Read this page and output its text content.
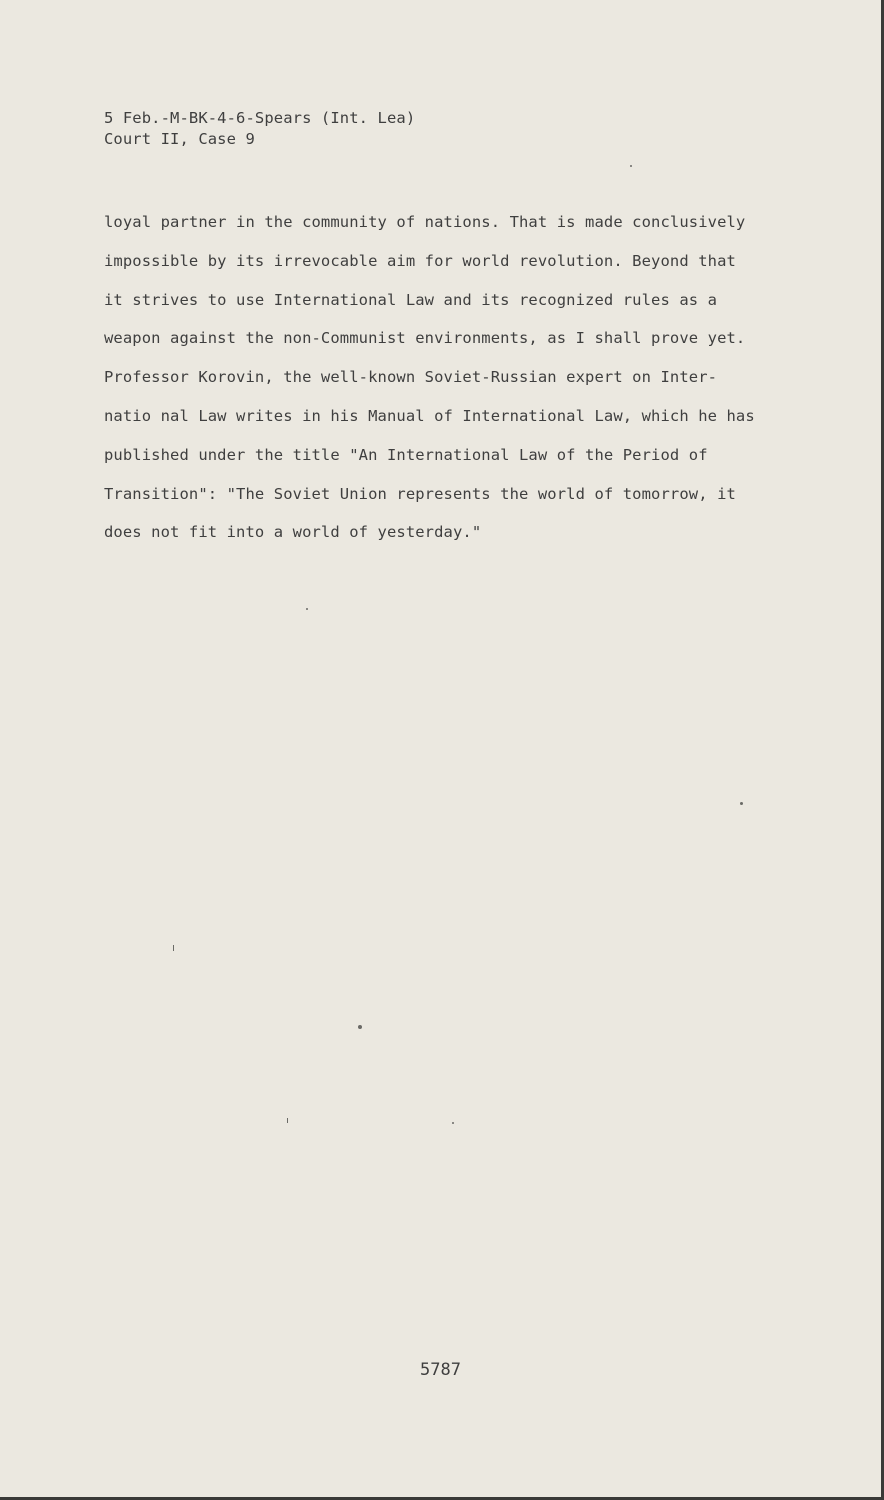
5 Feb.-M-BK-4-6-Spears (Int. Lea)
Court II, Case 9
loyal partner in the community of nations. That is made conclusively
impossible by its irrevocable aim for world revolution. Beyond that
it strives to use International Law and its recognized rules as a
weapon against the non-Communist environments, as I shall prove yet.
Professor Korovin, the well-known Soviet-Russian expert on Inter-
natio nal Law writes in his Manual of International Law, which he has
published under the title "An International Law of the Period of
Transition": "The Soviet Union represents the world of tomorrow, it
does not fit into a world of yesterday."
5787
